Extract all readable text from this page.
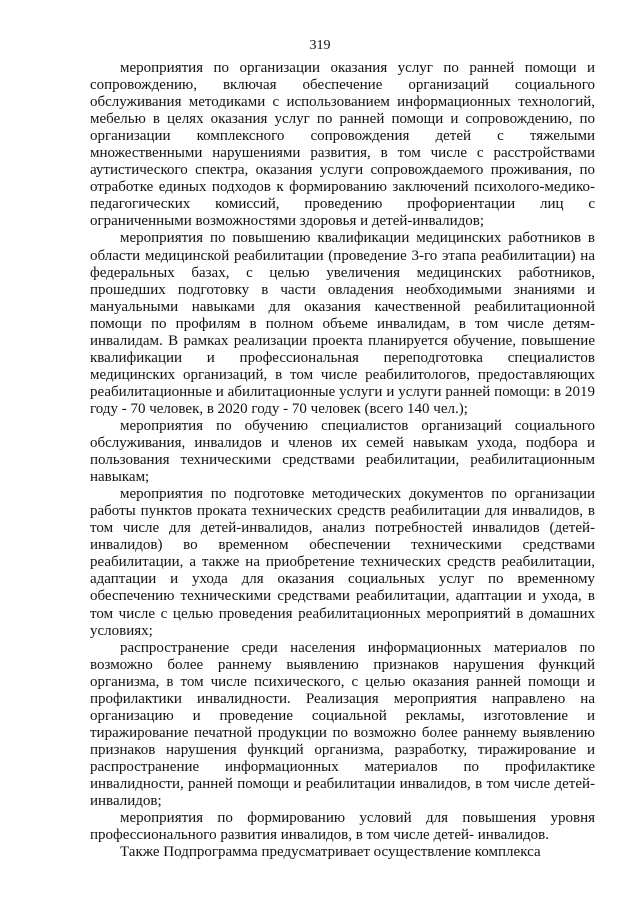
319

мероприятия по организации оказания услуг по ранней помощи и сопровождению, включая обеспечение организаций социального обслуживания методиками с использованием информационных технологий, мебелью в целях оказания услуг по ранней помощи и сопровождению, по организации комплексного сопровождения детей с тяжелыми множественными нарушениями развития, в том числе с расстройствами аутистического спектра, оказания услуги сопровождаемого проживания, по отработке единых подходов к формированию заключений психолого-медико-педагогических комиссий, проведению профориентации лиц с ограниченными возможностями здоровья и детей-инвалидов;

мероприятия по повышению квалификации медицинских работников в области медицинской реабилитации (проведение 3-го этапа реабилитации) на федеральных базах, с целью увеличения медицинских работников, прошедших подготовку в части овладения необходимыми знаниями и мануальными навыками для оказания качественной реабилитационной помощи по профилям в полном объеме инвалидам, в том числе детям-инвалидам. В рамках реализации проекта планируется обучение, повышение квалификации и профессиональная переподготовка специалистов медицинских организаций, в том числе реабилитологов, предоставляющих реабилитационные и абилитационные услуги и услуги ранней помощи: в 2019 году - 70 человек, в 2020 году - 70 человек (всего 140 чел.);

мероприятия по обучению специалистов организаций социального обслуживания, инвалидов и членов их семей навыкам ухода, подбора и пользования техническими средствами реабилитации, реабилитационным навыкам;

мероприятия по подготовке методических документов по организации работы пунктов проката технических средств реабилитации для инвалидов, в том числе для детей-инвалидов, анализ потребностей инвалидов (детей-инвалидов) во временном обеспечении техническими средствами реабилитации, а также на приобретение технических средств реабилитации, адаптации и ухода для оказания социальных услуг по временному обеспечению техническими средствами реабилитации, адаптации и ухода, в том числе с целью проведения реабилитационных мероприятий в домашних условиях;

распространение среди населения информационных материалов по возможно более раннему выявлению признаков нарушения функций организма, в том числе психического, с целью оказания ранней помощи и профилактики инвалидности. Реализация мероприятия направлено на организацию и проведение социальной рекламы, изготовление и тиражирование печатной продукции по возможно более раннему выявлению признаков нарушения функций организма, разработку, тиражирование и распространение информационных материалов по профилактике инвалидности, ранней помощи и реабилитации инвалидов, в том числе детей-инвалидов;

мероприятия по формированию условий для повышения уровня профессионального развития инвалидов, в том числе детей- инвалидов.

Также Подпрограмма предусматривает осуществление комплекса
